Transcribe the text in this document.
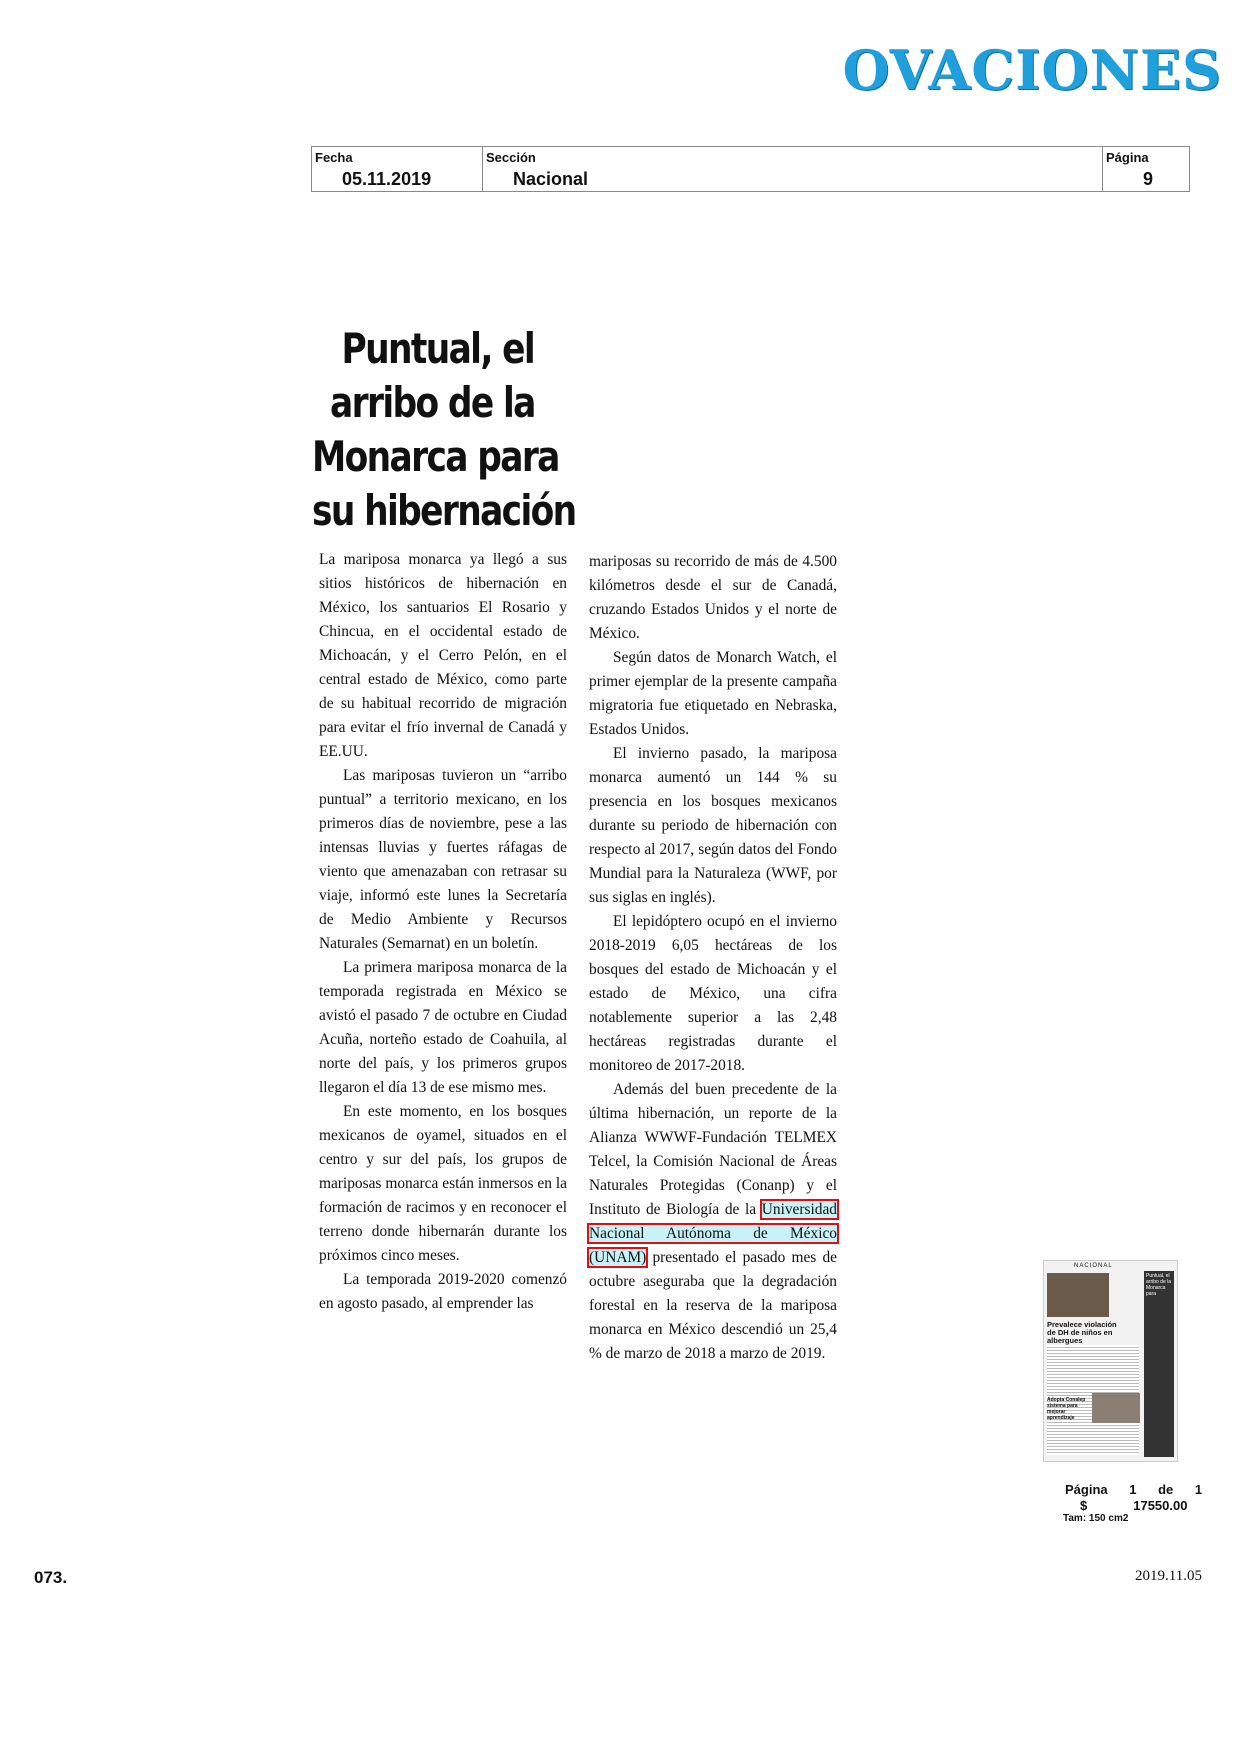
OVACIONES
Fecha
05.11.2019
Sección
Nacional
Página
9
Puntual, el
arribo de la
Monarca para
su hibernación

La mariposa monarca ya llegó a sus sitios históricos de hibernación en México, los santuarios El Rosario y Chincua, en el occidental estado de Michoacán, y el Cerro Pelón, en el central estado de México, como parte de su habitual recorrido de migración para evitar el frío invernal de Canadá y EE.UU.

Las mariposas tuvieron un “arribo puntual” a territorio mexicano, en los primeros días de noviembre, pese a las intensas lluvias y fuertes ráfagas de viento que amenazaban con retrasar su viaje, informó este lunes la Secretaría de Medio Ambiente y Recursos Naturales (Semarnat) en un boletín.

La primera mariposa monarca de la temporada registrada en México se avistó el pasado 7 de octubre en Ciudad Acuña, norteño estado de Coahuila, al norte del país, y los primeros grupos llegaron el día 13 de ese mismo mes.

En este momento, en los bosques mexicanos de oyamel, situados en el centro y sur del país, los grupos de mariposas monarca están inmersos en la formación de racimos y en reconocer el terreno donde hibernarán durante los próximos cinco meses.

La temporada 2019-2020 comenzó en agosto pasado, al emprender las

mariposas su recorrido de más de 4.500 kilómetros desde el sur de Canadá, cruzando Estados Unidos y el norte de México.

Según datos de Monarch Watch, el primer ejemplar de la presente campaña migratoria fue etiquetado en Nebraska, Estados Unidos.

El invierno pasado, la mariposa monarca aumentó un 144 % su presencia en los bosques mexicanos durante su periodo de hibernación con respecto al 2017, según datos del Fondo Mundial para la Naturaleza (WWF, por sus siglas en inglés).

El lepidóptero ocupó en el invierno 2018-2019 6,05 hectáreas de los bosques del estado de Michoacán y el estado de México, una cifra notablemente superior a las 2,48 hectáreas registradas durante el monitoreo de 2017-2018.

Además del buen precedente de la última hibernación, un reporte de la Alianza WWWF-Fundación TELMEX Telcel, la Comisión Nacional de Áreas Naturales Protegidas (Conanp) y el Instituto de Biología de la Universidad Nacional Autónoma de México (UNAM) presentado el pasado mes de octubre aseguraba que la degradación forestal en la reserva de la mariposa monarca en México descendió un 25,4 % de marzo de 2018 a marzo de 2019.

NACIONAL
Prevalece violación de DH de niños en albergues
Adopta Conalep sistema para mejorar aprendizaje
Puntual, el arribo de la Monarca para
Página 1 de 1
$	17550.00
Tam: 150 cm2
073.	2019.11.05
